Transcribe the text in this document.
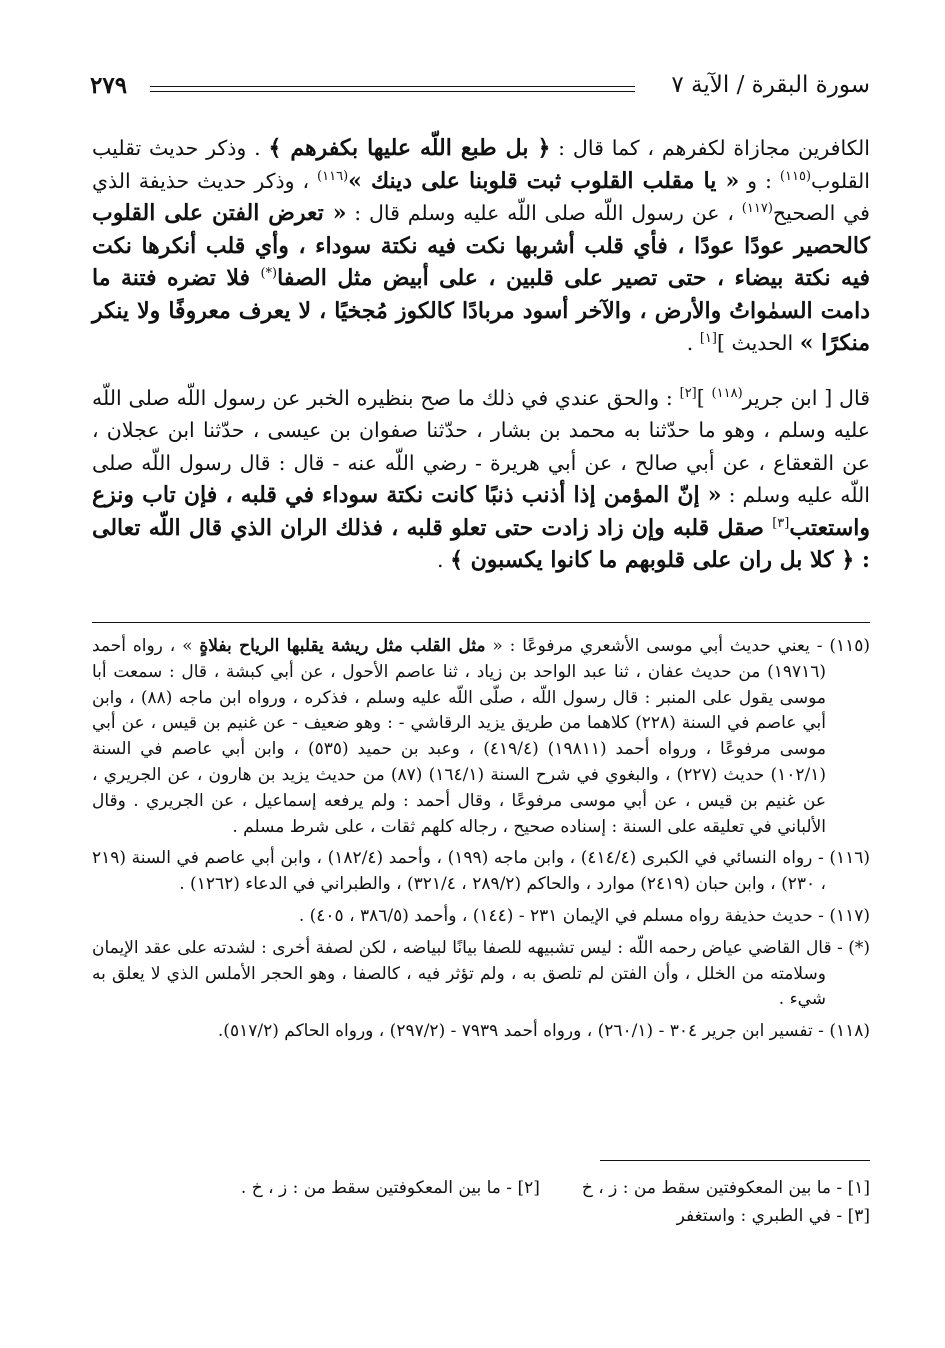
سورة البقرة / الآية ٧
٢٧٩

الكافرين مجازاة لكفرهم ، كما قال : ﴿ بل طبع اللّه عليها بكفرهم ﴾ . وذكر حديث تقليب القلوب$^{(١١٥)}$ : و « يا مقلب القلوب ثبت قلوبنا على دينك »$^{(١١٦)}$ ، وذكر حديث حذيفة الذي في الصحيح$^{(١١٧)}$ ، عن رسول اللّه صلى اللّه عليه وسلم قال : « تعرض الفتن على القلوب كالحصير عودًا عودًا ، فأي قلب أشربها نكت فيه نكتة سوداء ، وأي قلب أنكرها نكت فيه نكتة بيضاء ، حتى تصير على قلبين ، على أبيض مثل الصفا(*) فلا تضره فتنة ما دامت السمٰواتُ والأرض ، والآخر أسود مربادًا كالكوز مُجخيًا ، لا يعرف معروفًا ولا ينكر منكرًا » الحديث ][١] .

قال [ ابن جرير$^{(١١٨)}$ ][٢] : والحق عندي في ذلك ما صح بنظيره الخبر عن رسول اللّه صلى اللّه عليه وسلم ، وهو ما حدّثنا به محمد بن بشار ، حدّثنا صفوان بن عيسى ، حدّثنا ابن عجلان ، عن القعقاع ، عن أبي صالح ، عن أبي هريرة - رضي اللّه عنه - قال : قال رسول اللّه صلى اللّه عليه وسلم : « إنّ المؤمن إذا أذنب ذنبًا كانت نكتة سوداء في قلبه ، فإن تاب ونزع واستعتب[٣] صقل قلبه وإن زاد زادت حتى تعلو قلبه ، فذلك الران الذي قال اللّه تعالى : ﴿ كلا بل ران على قلوبهم ما كانوا يكسبون ﴾ .

(١١٥) - يعني حديث أبي موسى الأشعري مرفوعًا : « مثل القلب مثل ريشة يقلبها الرياح بفلاةٍ » ، رواه أحمد (١٩٧١٦) من حديث عفان ، ثنا عبد الواحد بن زياد ، ثنا عاصم الأحول ، عن أبي كبشة ، قال : سمعت أبا موسى يقول على المنبر : قال رسول اللّه ، صلّى اللّه عليه وسلم ، فذكره ، ورواه ابن ماجه (٨٨) ، وابن أبي عاصم في السنة (٢٢٨) كلاهما من طريق يزيد الرقاشي - : وهو ضعيف - عن غنيم بن قيس ، عن أبي موسى مرفوعًا ، ورواه أحمد (١٩٨١١) (٤١٩/٤) ، وعبد بن حميد (٥٣٥) ، وابن أبي عاصم في السنة (١٠٢/١) حديث (٢٢٧) ، والبغوي في شرح السنة (١٦٤/١) (٨٧) من حديث يزيد بن هارون ، عن الجريري ، عن غنيم بن قيس ، عن أبي موسى مرفوعًا ، وقال أحمد : ولم يرفعه إسماعيل ، عن الجريري . وقال الألباني في تعليقه على السنة : إسناده صحيح ، رجاله كلهم ثقات ، على شرط مسلم .
(١١٦) - رواه النسائي في الكبرى (٤١٤/٤) ، وابن ماجه (١٩٩) ، وأحمد (١٨٢/٤) ، وابن أبي عاصم في السنة (٢١٩ ، ٢٣٠) ، وابن حبان (٢٤١٩) موارد ، والحاكم (٢٨٩/٢ ، ٣٢١/٤) ، والطبراني في الدعاء (١٢٦٢) .
(١١٧) - حديث حذيفة رواه مسلم في الإيمان ٢٣١ - (١٤٤) ، وأحمد (٣٨٦/٥ ، ٤٠٥) .
(*) - قال القاضي عياض رحمه اللّه : ليس تشبيهه للصفا بيانًا لبياضه ، لكن لصفة أخرى : لشدته على عقد الإيمان وسلامته من الخلل ، وأن الفتن لم تلصق به ، ولم تؤثر فيه ، كالصفا ، وهو الحجر الأملس الذي لا يعلق به شيء .
(١١٨) - تفسير ابن جرير ٣٠٤ - (٢٦٠/١) ، ورواه أحمد ٧٩٣٩ - (٢٩٧/٢) ، ورواه الحاكم (٥١٧/٢).
[١] - ما بين المعكوفتين سقط من : ز ، خ[٢] - ما بين المعكوفتين سقط من : ز ، خ .
[٣] - في الطبري : واستغفر
